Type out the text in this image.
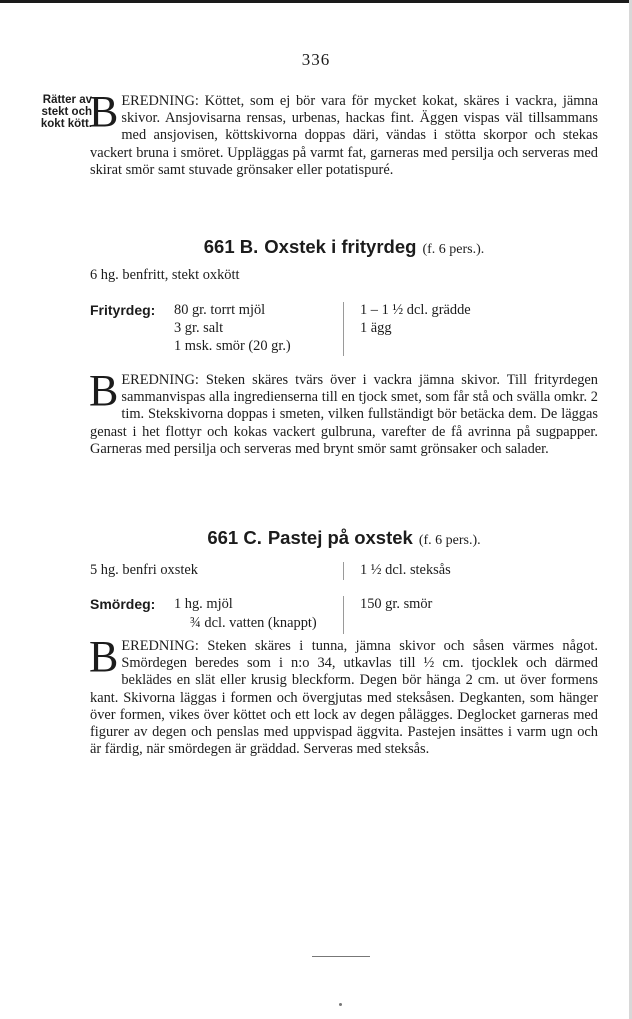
336
Rätter av
stekt och
kokt kött.
BEREDNING: Köttet, som ej bör vara för mycket kokat, skäres i vackra, jämna skivor. Ansjovisarna rensas, urbenas, hackas fint. Äggen vispas väl tillsammans med ansjovisen, köttskivorna doppas däri, vändas i stötta skorpor och stekas vackert bruna i smöret. Uppläggas på varmt fat, garneras med persilja och serveras med skirat smör samt stuvade grönsaker eller potatispuré.
661 B. Oxstek i frityrdeg (f. 6 pers.).
6 hg. benfritt, stekt oxkött
Frityrdeg: 80 gr. torrt mjöl
3 gr. salt
1 msk. smör (20 gr.)
1 – 1 ½ dcl. grädde
1 ägg
BEREDNING: Steken skäres tvärs över i vackra jämna skivor. Till frityrdegen sammanvispas alla ingredienserna till en tjock smet, som får stå och svälla omkr. 2 tim. Stekskivorna doppas i smeten, vilken fullständigt bör betäcka dem. De läggas genast i het flottyr och kokas vackert gulbruna, varefter de få avrinna på sugpapper. Garneras med persilja och serveras med brynt smör samt grönsaker och salader.
661 C. Pastej på oxstek (f. 6 pers.).
5 hg. benfri oxstek	1 ½ dcl. steksås
Smördeg: 1 hg. mjöl
¾ dcl. vatten (knappt)
150 gr. smör
BEREDNING: Steken skäres i tunna, jämna skivor och såsen värmes något. Smördegen beredes som i n:o 34, utkavlas till ½ cm. tjocklek och därmed beklädes en slät eller krusig bleckform. Degen bör hänga 2 cm. ut över formens kant. Skivorna läggas i formen och övergjutas med steksåsen. Degkanten, som hänger över formen, vikes över köttet och ett lock av degen pålägges. Deglocket garneras med figurer av degen och penslas med uppvispad äggvita. Pastejen insättes i varm ugn och är färdig, när smördegen är gräddad. Serveras med steksås.
